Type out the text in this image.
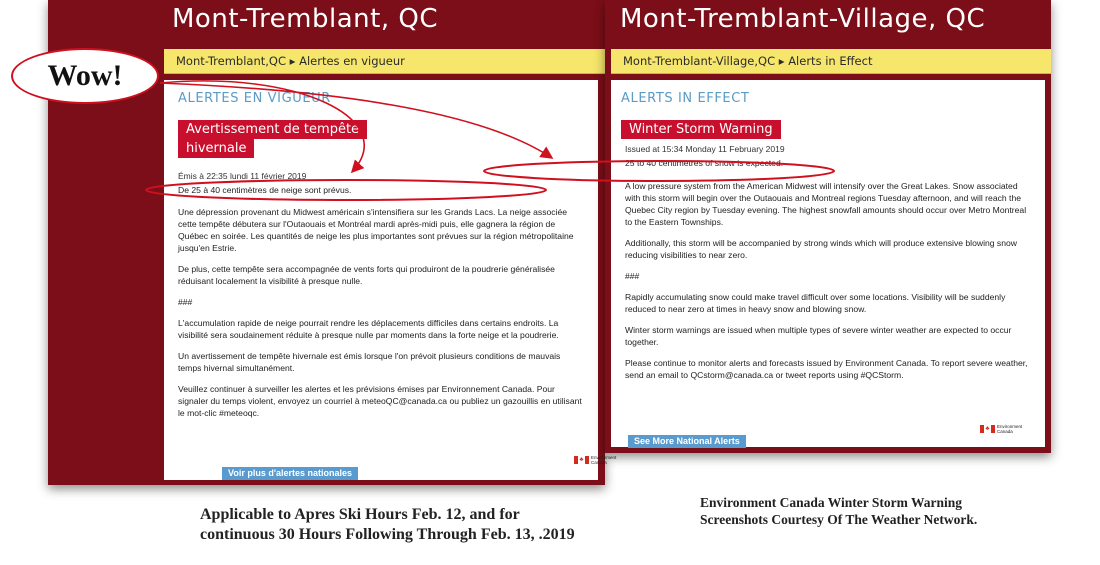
Mont-Tremblant, QC
Mont-Tremblant,QC ▸ Alertes en vigueur
ALERTES EN VIGUEUR
Avertissement de tempête
hivernale
Émis à 22:35 lundi 11 février 2019

De 25 à 40 centimètres de neige sont prévus.

Une dépression provenant du Midwest américain s'intensifiera sur les Grands Lacs. La neige associée cette tempête débutera sur l'Outaouais et Montréal mardi après-midi puis, elle gagnera la région de Québec en soirée. Les quantités de neige les plus importantes sont prévues sur la région métropolitaine jusqu'en Estrie.

De plus, cette tempête sera accompagnée de vents forts qui produiront de la poudrerie généralisée réduisant localement la visibilité à presque nulle.

###

L'accumulation rapide de neige pourrait rendre les déplacements difficiles dans certains endroits. La visibilité sera soudainement réduite à presque nulle par moments dans la forte neige et la poudrerie.

Un avertissement de tempête hivernale est émis lorsque l'on prévoit plusieurs conditions de mauvais temps hivernal simultanément.

Veuillez continuer à surveiller les alertes et les prévisions émises par Environnement Canada. Pour signaler du temps violent, envoyez un courriel à meteoQC@canada.ca ou publiez un gazouillis en utilisant le mot-clic #meteoqc.

Voir plus d'alertes nationales
♣	Environment
Canada
Mont-Tremblant-Village, QC
Mont-Tremblant-Village,QC ▸ Alerts in Effect
ALERTS IN EFFECT
Winter Storm Warning
Issued at 15:34 Monday 11 February 2019

25 to 40 centimetres of snow is expected.

A low pressure system from the American Midwest will intensify over the Great Lakes. Snow associated with this storm will begin over the Outaouais and Montreal regions Tuesday afternoon, and will reach the Quebec City region by Tuesday evening. The highest snowfall amounts should occur over Metro Montreal to the Eastern Townships.

Additionally, this storm will be accompanied by strong winds which will produce extensive blowing snow reducing visibilities to near zero.

###

Rapidly accumulating snow could make travel difficult over some locations. Visibility will be suddenly reduced to near zero at times in heavy snow and blowing snow.

Winter storm warnings are issued when multiple types of severe winter weather are expected to occur together.

Please continue to monitor alerts and forecasts issued by Environment Canada. To report severe weather, send an email to QCstorm@canada.ca or tweet reports using #QCStorm.

See More National Alerts
♣	Environment
Canada
Wow!
Applicable to Apres Ski Hours Feb. 12, and for
continuous 30 Hours Following Through Feb. 13, .2019
Environment Canada Winter Storm Warning
Screenshots Courtesy Of The Weather Network.
